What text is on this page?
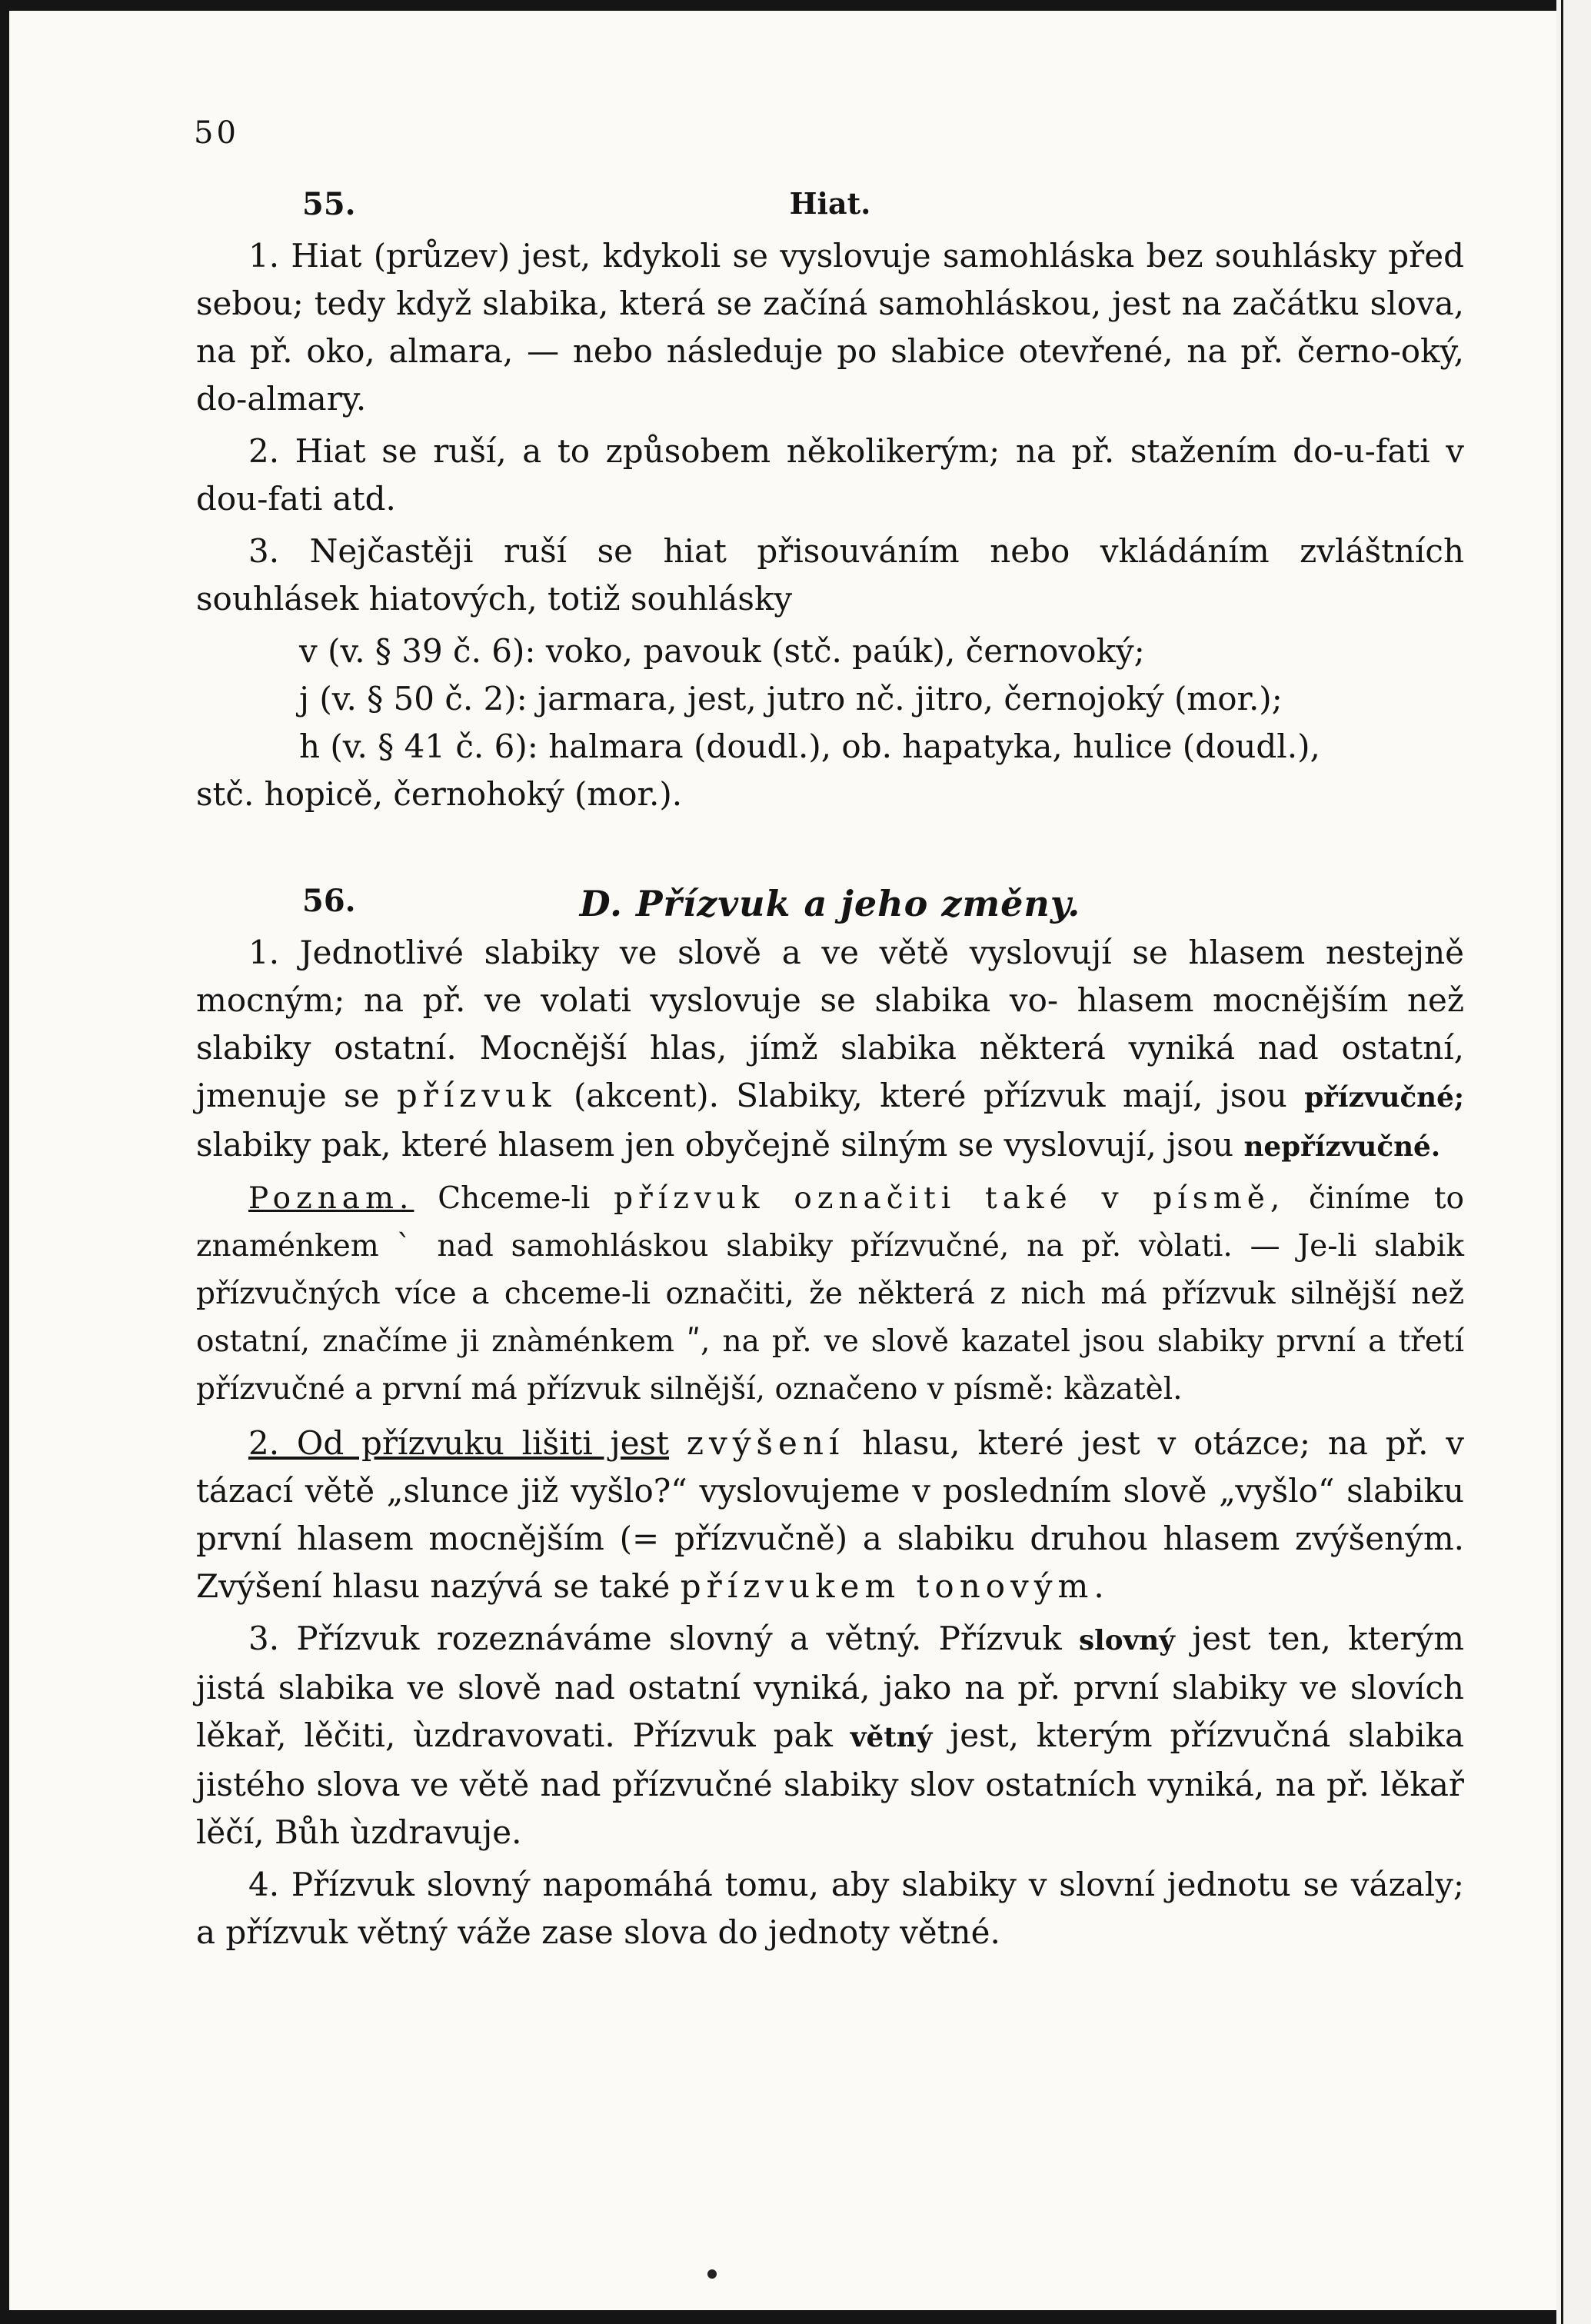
50
55.	Hiat.

1. Hiat (průzev) jest, kdykoli se vyslovuje samohláska bez souhlásky před sebou; tedy když slabika, která se začíná samohláskou, jest na začátku slova, na př. oko, almara, — nebo následuje po slabice otevřené, na př. černo-oký, do-almary.

2. Hiat se ruší, a to způsobem několikerým; na př. stažením do-u-fati v dou-fati atd.

3. Nejčastěji ruší se hiat přisouváním nebo vkládáním zvláštních souhlásek hiatových, totiž souhlásky

v (v. § 39 č. 6): voko, pavouk (stč. paúk), černovoký;
j (v. § 50 č. 2): jarmara, jest, jutro nč. jitro, černojoký (mor.);
h (v. § 41 č. 6): halmara (doudl.), ob. hapatyka, hulice (doudl.),
stč. hopicě, černohoký (mor.).
56.	D. Přízvuk a jeho změny.

1. Jednotlivé slabiky ve slově a ve větě vyslovují se hlasem nestejně mocným; na př. ve volati vyslovuje se slabika vo- hlasem mocnějším než slabiky ostatní. Mocnější hlas, jímž slabika některá vyniká nad ostatní, jmenuje se přízvuk (akcent). Slabiky, které přízvuk mají, jsou přízvučné; slabiky pak, které hlasem jen obyčejně silným se vyslovují, jsou nepřízvučné.

Poznam. Chceme-li přízvuk označiti také v písmě, činíme to znaménkem ˋ nad samohláskou slabiky přízvučné, na př. vòlati. — Je-li slabik přízvučných více a chceme-li označiti, že některá z nich má přízvuk silnější než ostatní, značíme ji znàménkem ʺ, na př. ve slově kazatel jsou slabiky první a třetí přízvučné a první má přízvuk silnější, označeno v písmě: kȁzatèl.

2. Od přízvuku lišiti jest zvýšení hlasu, které jest v otázce; na př. v tázací větě „slunce již vyšlo?“ vyslovujeme v posledním slově „vyšlo“ slabiku první hlasem mocnějším (= přízvučně) a slabiku druhou hlasem zvýšeným. Zvýšení hlasu nazývá se také přízvukem tonovým.

3. Přízvuk rozeznáváme slovný a větný. Přízvuk slovný jest ten, kterým jistá slabika ve slově nad ostatní vyniká, jako na př. první slabiky ve slovích lěkař, lěčiti, ùzdravovati. Přízvuk pak větný jest, kterým přízvučná slabika jistého slova ve větě nad přízvučné slabiky slov ostatních vyniká, na př. lěkař lěčí, Bůh ùzdravuje.

4. Přízvuk slovný napomáhá tomu, aby slabiky v slovní jednotu se vázaly; a přízvuk větný váže zase slova do jednoty větné.
